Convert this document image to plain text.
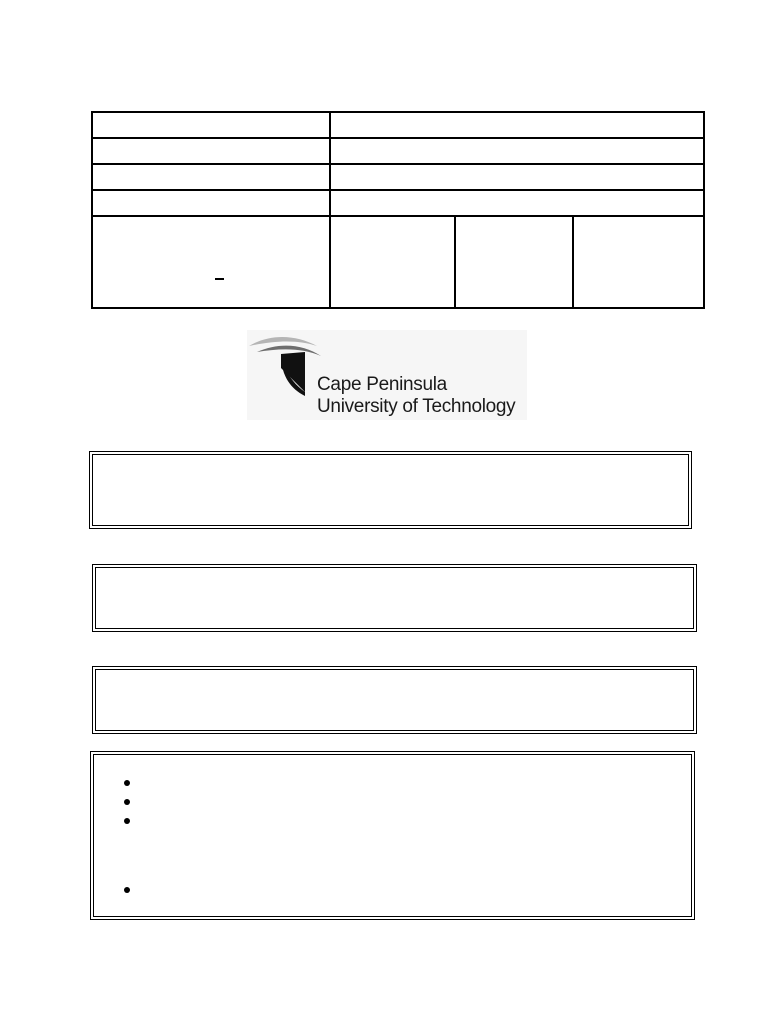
Cape Peninsula
University of Technology
